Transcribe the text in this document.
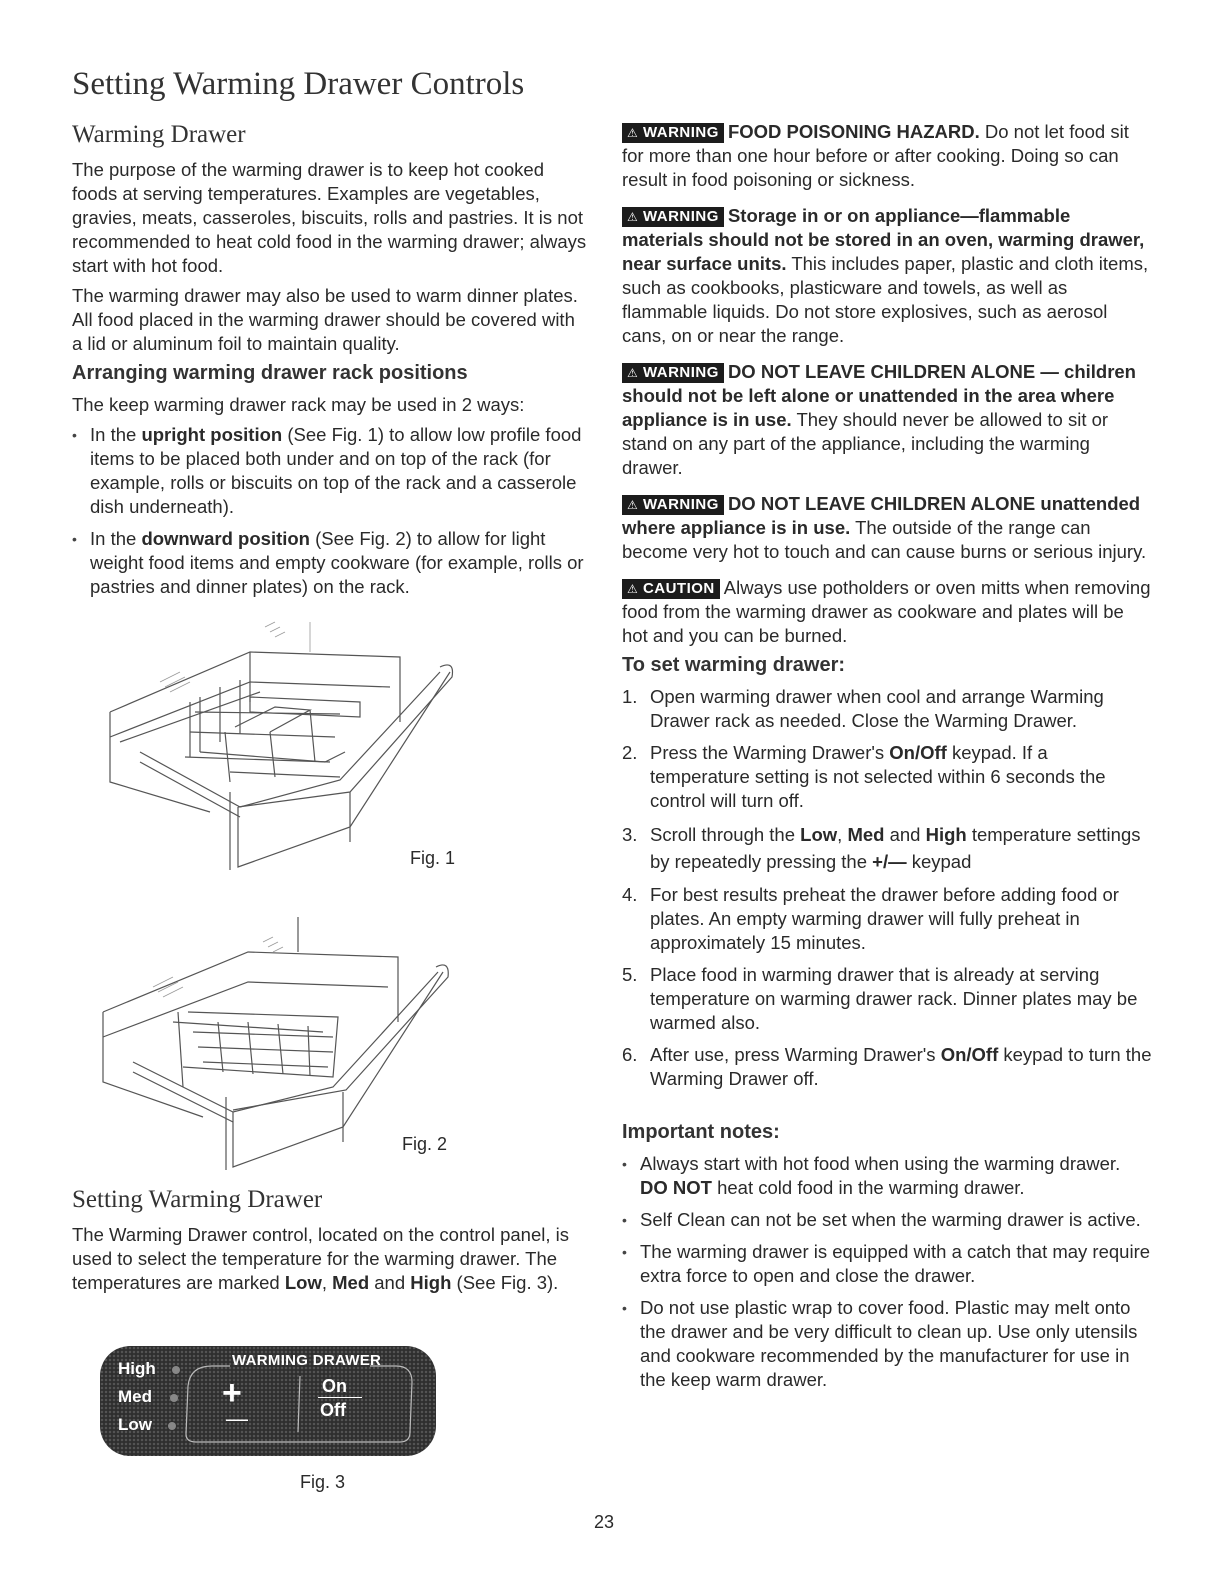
Setting Warming Drawer Controls
Warming Drawer

The purpose of the warming drawer is to keep hot cooked foods at serving temperatures. Examples are vegetables, gravies, meats, casseroles, biscuits, rolls and pastries. It is not recommended to heat cold food in the warming drawer; always start with hot food.

The warming drawer may also be used to warm dinner plates. All food placed in the warming drawer should be covered with a lid or aluminum foil to maintain quality.

Arranging warming drawer rack positions

The keep warming drawer rack may be used in 2 ways:

• In the upright position (See Fig. 1) to allow low profile food items to be placed both under and on top of the rack (for example, rolls or biscuits on top of the rack and a casserole dish underneath).
• In the downward position (See Fig. 2) to allow for light weight food items and empty cookware (for example, rolls or pastries and dinner plates) on the rack.
Fig. 1
Fig. 2
Setting Warming Drawer

The Warming Drawer control, located on the control panel, is used to select the temperature for the warming drawer. The temperatures are marked Low, Med and High (See Fig. 3).

High
Med
Low
WARMING DRAWER
+
—
On
Off
Fig. 3

⚠ WARNING FOOD POISONING HAZARD. Do not let food sit for more than one hour before or after cooking. Doing so can result in food poisoning or sickness.

⚠ WARNING Storage in or on appliance—flammable materials should not be stored in an oven, warming drawer, near surface units. This includes paper, plastic and cloth items, such as cookbooks, plasticware and towels, as well as flammable liquids. Do not store explosives, such as aerosol cans, on or near the range.

⚠ WARNING DO NOT LEAVE CHILDREN ALONE — children should not be left alone or unattended in the area where appliance is in use. They should never be allowed to sit or stand on any part of the appliance, including the warming drawer.

⚠ WARNING DO NOT LEAVE CHILDREN ALONE unattended where appliance is in use. The outside of the range can become very hot to touch and can cause burns or serious injury.

⚠ CAUTION Always use potholders or oven mitts when removing food from the warming drawer as cookware and plates will be hot and you can be burned.

To set warming drawer:
1. Open warming drawer when cool and arrange Warming Drawer rack as needed. Close the Warming Drawer.
2. Press the Warming Drawer's On/Off keypad. If a temperature setting is not selected within 6 seconds the control will turn off.
3. Scroll through the Low, Med and High temperature settings by repeatedly pressing the +/— keypad
4. For best results preheat the drawer before adding food or plates. An empty warming drawer will fully preheat in approximately 15 minutes.
5. Place food in warming drawer that is already at serving temperature on warming drawer rack. Dinner plates may be warmed also.
6. After use, press Warming Drawer's On/Off keypad to turn the Warming Drawer off.
Important notes:
• Always start with hot food when using the warming drawer. DO NOT heat cold food in the warming drawer.
• Self Clean can not be set when the warming drawer is active.
• The warming drawer is equipped with a catch that may require extra force to open and close the drawer.
• Do not use plastic wrap to cover food. Plastic may melt onto the drawer and be very difficult to clean up. Use only utensils and cookware recommended by the manufacturer for use in the keep warm drawer.
23
